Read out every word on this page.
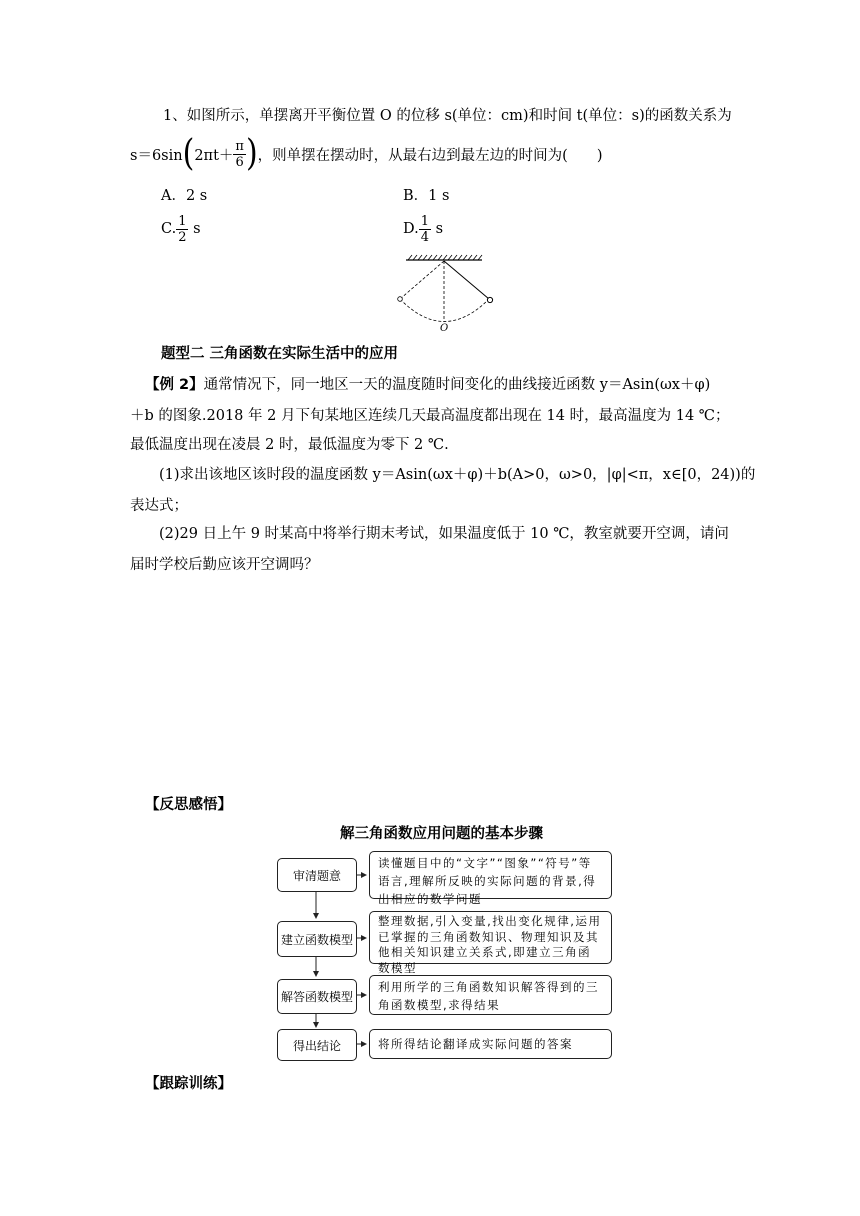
1、如图所示，单摆离开平衡位置 O 的位移 s(单位：cm)和时间 t(单位：s)的函数关系为
s＝6sin ( $2\pi t+ \frac{\pi}{6}$ ) ，则单摆在摆动时，从最右边到最左边的时间为(　　)
A．2 s	B．1 s
C. $\frac{1}{2}$ s	D. $\frac{1}{4}$ s
O
题型二 三角函数在实际生活中的应用
【例 2】通常情况下，同一地区一天的温度随时间变化的曲线接近函数 y＝Asin(ωx＋φ)
＋b 的图象.2018 年 2 月下旬某地区连续几天最高温度都出现在 14 时，最高温度为 14 ℃；
最低温度出现在凌晨 2 时，最低温度为零下 2 ℃.
(1)求出该地区该时段的温度函数 y＝Asin(ωx＋φ)＋b(A>0，ω>0，|φ|<π，x∈[0，24))的
表达式；
(2)29 日上午 9 时某高中将举行期末考试，如果温度低于 10 ℃，教室就要开空调，请问
届时学校后勤应该开空调吗？
【反思感悟】
解三角函数应用问题的基本步骤
审清题意
读懂题目中的“文字”“图象”“符号”等语言,理解所反映的实际问题的背景,得出相应的数学问题
建立函数模型
整理数据,引入变量,找出变化规律,运用已掌握的三角函数知识、物理知识及其他相关知识建立关系式,即建立三角函数模型
解答函数模型
利用所学的三角函数知识解答得到的三角函数模型,求得结果
得出结论	将所得结论翻译成实际问题的答案
【跟踪训练】
